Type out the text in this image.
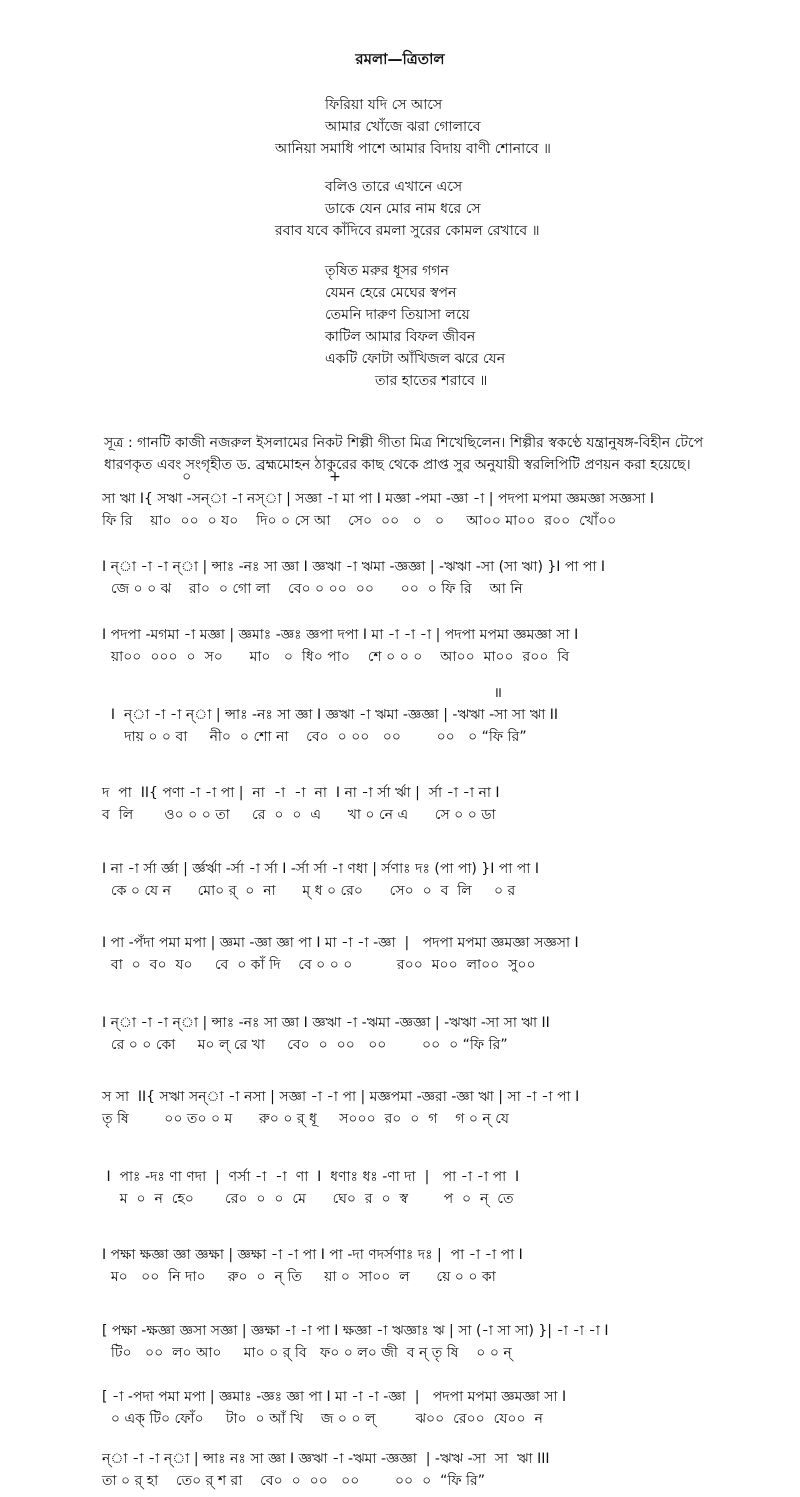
রমলা—ত্রিতাল
ফিরিয়া যদি সে আসে
আমার খোঁজে ঝরা গোলাবে
আনিয়া সমাধি পাশে আমার বিদায় বাণী শোনাবে ॥
বলিও তারে এখানে এসে
ডাকে যেন মোর নাম ধরে সে
রবাব যবে কাঁদিবে রমলা সুরের কোমল রেখাবে ॥
তৃষিত মরুর ধূসর গগন
যেমন হেরে মেঘের স্বপন
তেমনি দারুণ তিয়াসা লয়ে
কাটিল আমার বিফল জীবন
একটি ফোটা আঁখিজল ঝরে যেন
তার হাতের শরাবে ॥
সূত্র : গানটি কাজী নজরুল ইসলামের নিকট শিল্পী গীতা মিত্র শিখেছিলেন। শিল্পীর স্বকণ্ঠে যন্ত্রানুষঙ্গ-বিহীন টেপে
ধারণকৃত এবং সংগৃহীত ড. ব্রহ্মমোহন ঠাকুরের কাছ থেকে প্রাপ্ত সুর অনুযায়ী স্বরলিপিটি প্রণয়ন করা হয়েছে।
০                               +
সা ঋা I{ সঋা -সন্া -া নস্া | সজ্ঞা -া মা পা I মজ্ঞা -পমা -জ্ঞা -া | পদপা মপমা জ্ঞমজ্ঞা সজ্ঞসা I
ফি রি    য়া০  ০০  ০ য০    দি০ ০ সে আ    সে০  ০০   ০   ০     আ০০ মা০০  র০০  খোঁ০০
I ন্া -া -া ন্া | ন্সাঃ -নঃ সা জ্ঞা I জ্ঞঋা -া ঋমা -জ্ঞজ্ঞা | -ঋঋা -সা (সা ঋা) }I পা পা I
জে ০ ০ ঝ    রা০  ০ গো লা    বে০ ০ ০০  ০০      ০০  ০ ফি রি    আ নি
I পদপা -মগমা -া মজ্ঞা | জ্ঞমাঃ -জ্ঞঃ জ্ঞপা দপা I মা -া -া -া | পদপা মপমা জ্ঞমজ্ঞা সা I
য়া০০  ০০০  ০  স০      মা০   ০  ধি০ পা০    শে ০ ০ ০    আ০০  মা০০  র০০  বি
॥
I  ন্া -া -া ন্া | ন্সাঃ -নঃ সা জ্ঞা I জ্ঞঋা -া ঋমা -জ্ঞজ্ঞা | -ঋঋা -সা সা ঋা II
দায় ০ ০ বা     নী০  ০ শো না    বে০  ০ ০০   ০০        ০০   ০ “ফি রি”
দ  পা  II{ পণা -া -া পা |  না  -া  -া  না  I না -া র্সা র্ঋা |  র্সা -া -া না I
ব  লি       ও০ ০ ০ তা     রে  ০  ০  এ      খা ০ নে এ      সে ০ ০ ডা
I না -া র্সা র্জ্ঞা | র্জ্ঞর্ঋা -র্সা -া র্সা I -র্সা র্সা -া ণধা | র্সণাঃ দঃ (পা পা) }I পা পা I
কে ০ যে ন      মো০ র্  ০  না      ম্ ধ ০ রে০      সে০  ০  ব  লি     ০ র
I পা -পঁদা পমা মপা | জ্ঞমা -জ্ঞা জ্ঞা পা I মা -া -া -জ্ঞা  |   পদপা মপমা জ্ঞমজ্ঞা সজ্ঞসা I
বা  ০  ব০  য০     বে  ০ কাঁ দি    বে ০ ০ ০          র০০  ম০০  লা০০  সু০০
I ন্া -া -া ন্া | ন্সাঃ -নঃ সা জ্ঞা I জ্ঞঋা -া -ঋমা -জ্ঞজ্ঞা | -ঋঋা -সা সা ঋা II
রে ০ ০ কো     ম০ ল্ রে খা     বে০  ০  ০০   ০০        ০০  ০ “ফি রি”
স সা  II{ সঋা সন্া -া নসা | সজ্ঞা -া -া পা | মজ্ঞপমা -জ্ঞরা -জ্ঞা ঋা | সা -া -া পা I
তৃ ষি        ০০ ত০ ০ ম      রু০ ০ র্ ধূ     স০০০  র০  ০  গ    গ ০ ন্ যে
I  পাঃ -দঃ ণা ণদা  |  ণর্সা -া  -া  ণা  I  ধণাঃ ধঃ -ণা দা  |   পা -া -া পা  I
ম  ০  ন  হে০       রে০  ০  ০  মে      ঘে০  র  ০  স্ব        প  ০  ন্  তে
I পক্ষা ক্ষজ্ঞা জ্ঞা জ্ঞক্ষা | জ্ঞক্ষা -া -া পা I পা -দা ণদর্সণাঃ দঃ |  পা -া -া পা I
ম০   ০০  নি দা০     রু০  ০  ন্ তি     য়া ০  সা০০  ল      য়ে ০ ০ কা
[ পক্ষা -ক্ষজ্ঞা জ্ঞসা সজ্ঞা | জ্ঞক্ষা -া -া পা I ক্ষজ্ঞা -া ঋজ্ঞাঃ ঋ | সা (-া সা সা) }| -া -া -া I
টি০   ০০  ল০ আ০     মা০ ০ র্ বি   ফ০ ০ ল০ জী  ব ন্ তৃ ষি    ০ ০ ন্
[ -া -পদা পমা মপা | জ্ঞমাঃ -জ্ঞঃ জ্ঞা পা I মা -া -া -জ্ঞা  |   পদপা মপমা জ্ঞমজ্ঞা সা I
০ এক্ টি০ ফোঁ০     টা০  ০ আঁ খি    জ ০ ০ ল্         ঝ০০  রে০০  যে০০  ন
ন্া -া -া ন্া | ন্সাঃ নঃ সা জ্ঞা I জ্ঞঋা -া -ঋমা -জ্ঞজ্ঞা  | -ঋঋ -সা  সা  ঋা III
তা ০ র্ হা    তে০ র্ শ রা    বে০  ০  ০০   ০০        ০০  ০  “ফি রি”
